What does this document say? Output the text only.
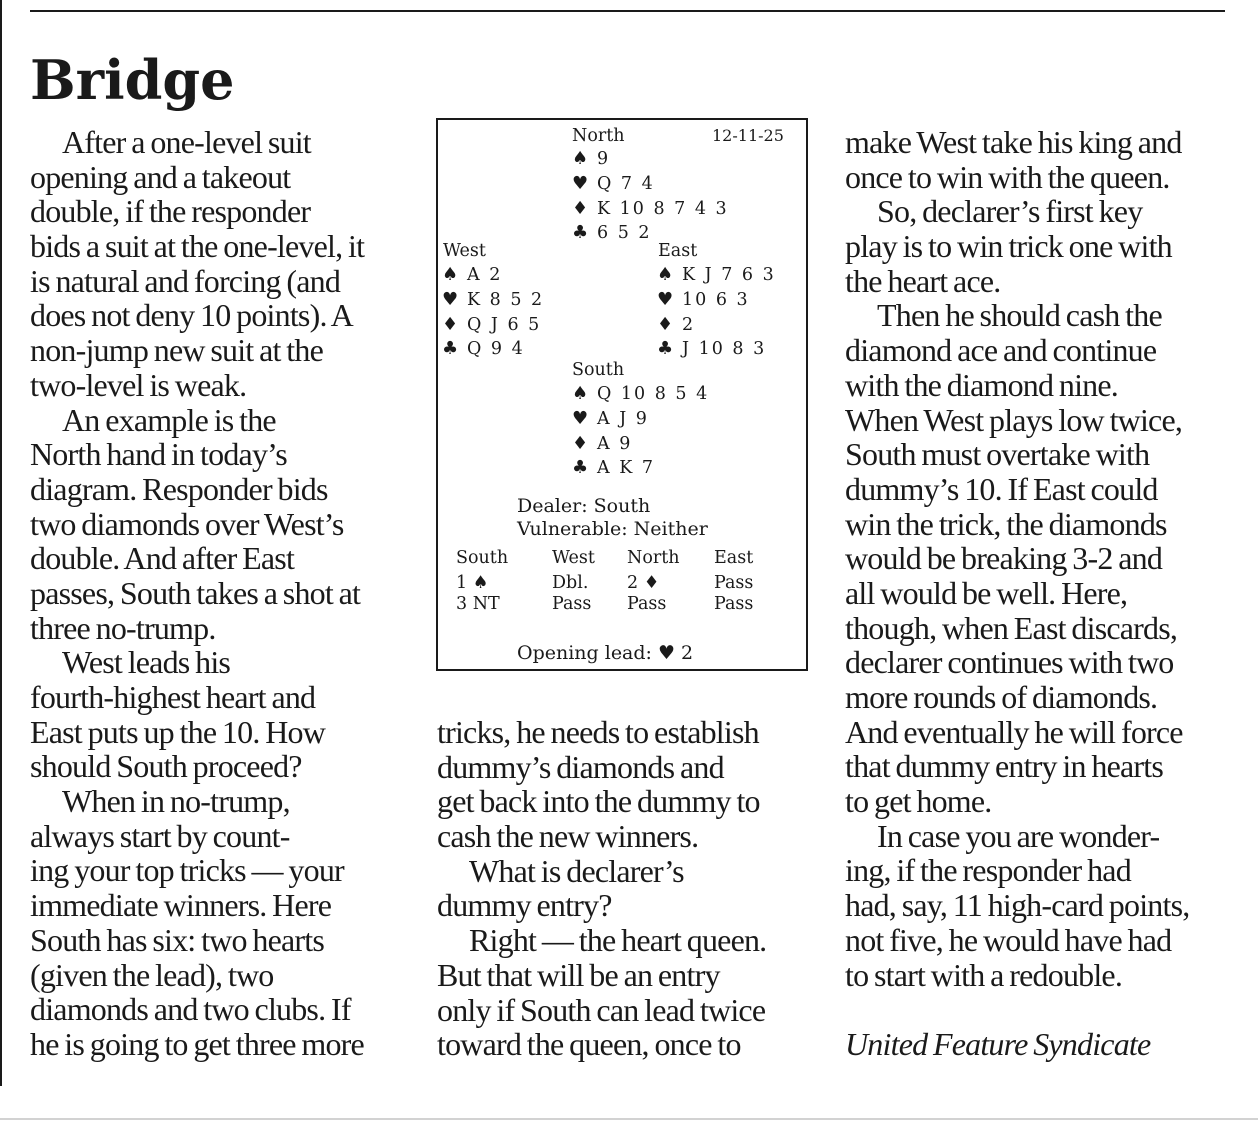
Bridge
After a one-level suit
opening and a takeout
double, if the responder
bids a suit at the one-level, it
is natural and forcing (and
does not deny 10 points). A
non-jump new suit at the
two-level is weak.
An example is the
North hand in today’s
diagram. Responder bids
two diamonds over West’s
double. And after East
passes, South takes a shot at
three no-trump.
West leads his
fourth-highest heart and
East puts up the 10. How
should South proceed?
When in no-trump,
always start by count-
ing your top tricks — your
immediate winners. Here
South has six: two hearts
(given the lead), two
diamonds and two clubs. If
he is going to get three more
tricks, he needs to establish
dummy’s diamonds and
get back into the dummy to
cash the new winners.
What is declarer’s
dummy entry?
Right — the heart queen.
But that will be an entry
only if South can lead twice
toward the queen, once to
make West take his king and
once to win with the queen.
So, declarer’s first key
play is to win trick one with
the heart ace.
Then he should cash the
diamond ace and continue
with the diamond nine.
When West plays low twice,
South must overtake with
dummy’s 10. If East could
win the trick, the diamonds
would be breaking 3-2 and
all would be well. Here,
though, when East discards,
declarer continues with two
more rounds of diamonds.
And eventually he will force
that dummy entry in hearts
to get home.
In case you are wonder-
ing, if the responder had
had, say, 11 high-card points,
not five, he would have had
to start with a redouble.
United Feature Syndicate
North	12-11-25
♠ 9
♥ Q 7 4
♦ K 10 8 7 4 3
♣ 6 5 2
West
♠ A 2
♥ K 8 5 2
♦ Q J 6 5
♣ Q 9 4
East
♠ K J 7 6 3
♥ 10 6 3
♦ 2
♣ J 10 8 3
South
♠ Q 10 8 5 4
♥ A J 9
♦ A 9
♣ A K 7
Dealer: South
Vulnerable: Neither
South	West North East
1 ♠	Dbl. 2 ♦	Pass
3 NT	Pass Pass	Pass
Opening lead: ♥ 2
